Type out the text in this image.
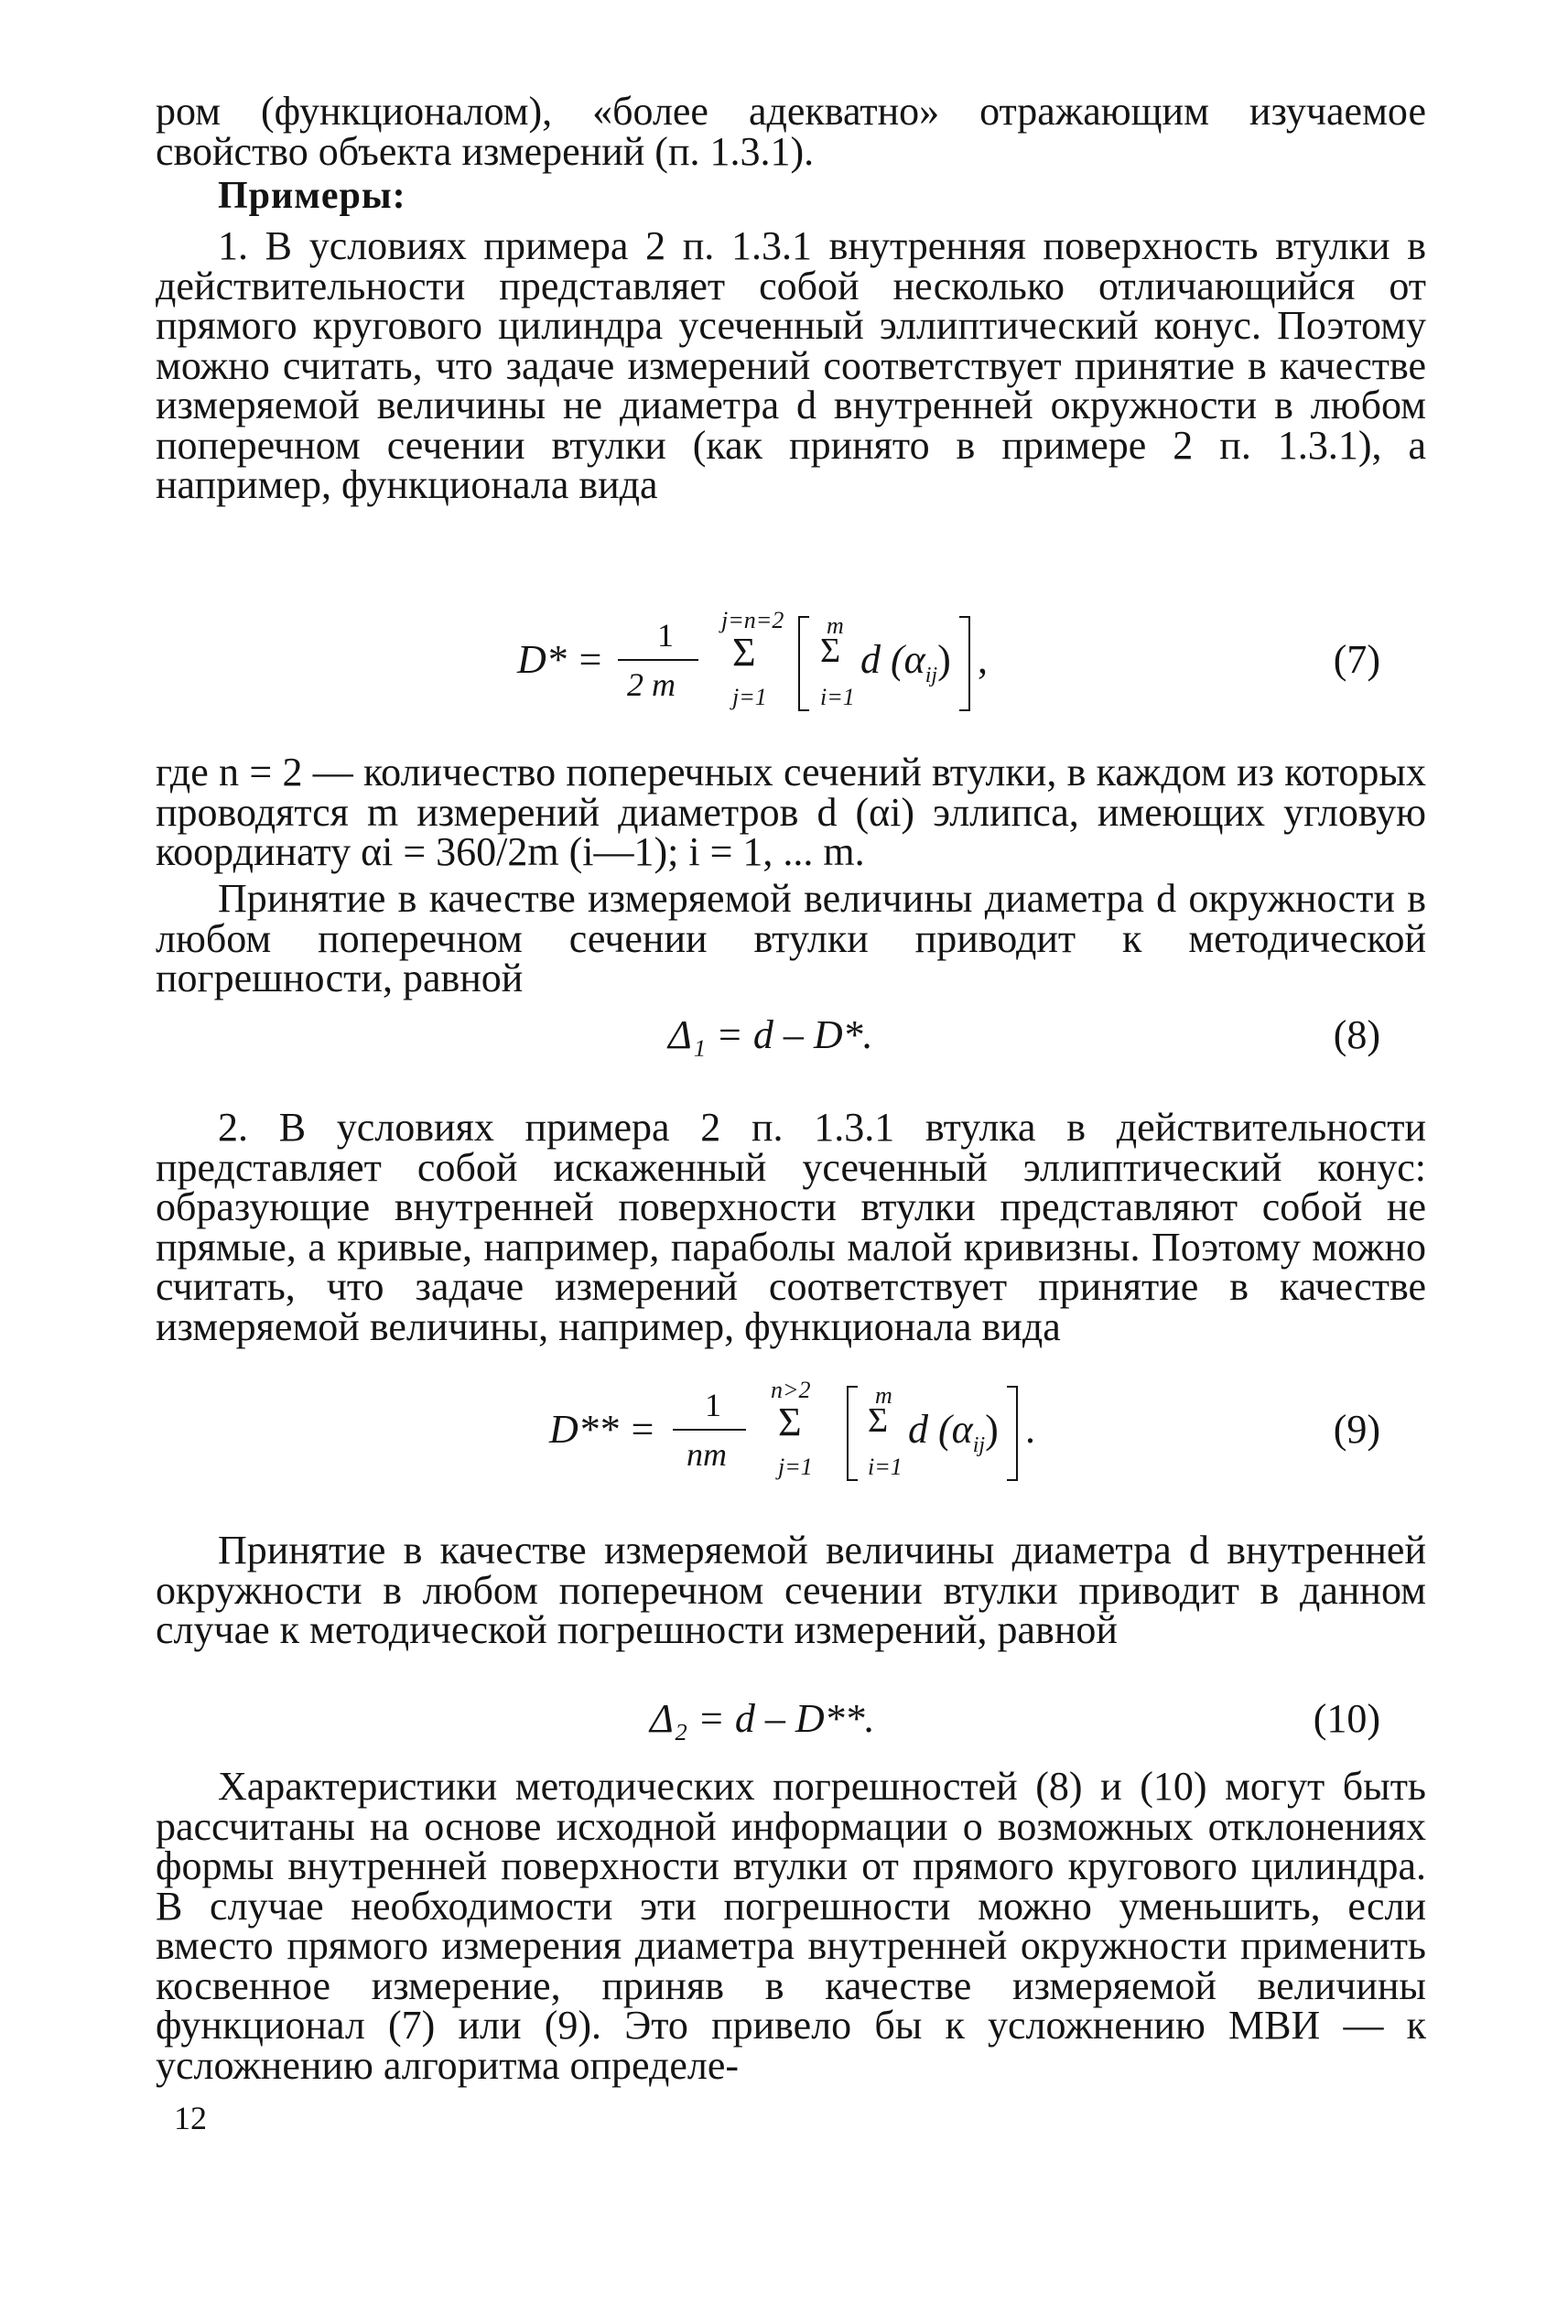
ром (функционалом), «более адекватно» отражающим изучаемое свойство объекта измерений (п. 1.3.1).

Примеры:

1. В условиях примера 2 п. 1.3.1 внутренняя поверхность втулки в действительности представляет собой несколько отличающийся от прямого кругового цилиндра усеченный эллиптический конус. Поэтому можно считать, что задаче измерений соответствует принятие в качестве измеряемой величины не диаметра d внутренней окружности в любом поперечном сечении втулки (как принято в примере 2 п. 1.3.1), а например, функционала вида

D* =
1
2 m
j=n=2
Σ
j=1
m
Σ
i=1
d $(\alpha_{ij})$ ,	(7)

где n = 2 — количество поперечных сечений втулки, в каждом из которых проводятся m измерений диаметров d (αi) эллипса, имеющих угловую координату αi = 360/2m (i—1); i = 1, ... m.

Принятие в качестве измеряемой величины диаметра d окружности в любом поперечном сечении втулки приводит к методической погрешности, равной

Δ₁ = d – D*.	(8)

2. В условиях примера 2 п. 1.3.1 втулка в действительности представляет собой искаженный усеченный эллиптический конус: образующие внутренней поверхности втулки представляют собой не прямые, а кривые, например, параболы малой кривизны. Поэтому можно считать, что задаче измерений соответствует принятие в качестве измеряемой величины, например, функционала вида

D** =
1
nm
n>2
Σ
j=1
m
Σ
i=1
d $(\alpha_{ij})$ .	(9)

Принятие в качестве измеряемой величины диаметра d внутренней окружности в любом поперечном сечении втулки приводит в данном случае к методической погрешности измерений, равной

Δ₂ = d – D**.	(10)

Характеристики методических погрешностей (8) и (10) могут быть рассчитаны на основе исходной информации о возможных отклонениях формы внутренней поверхности втулки от прямого кругового цилиндра. В случае необходимости эти погрешности можно уменьшить, если вместо прямого измерения диаметра внутренней окружности применить косвенное измерение, приняв в качестве измеряемой величины функционал (7) или (9). Это привело бы к усложнению МВИ — к усложнению алгоритма определе-

12
